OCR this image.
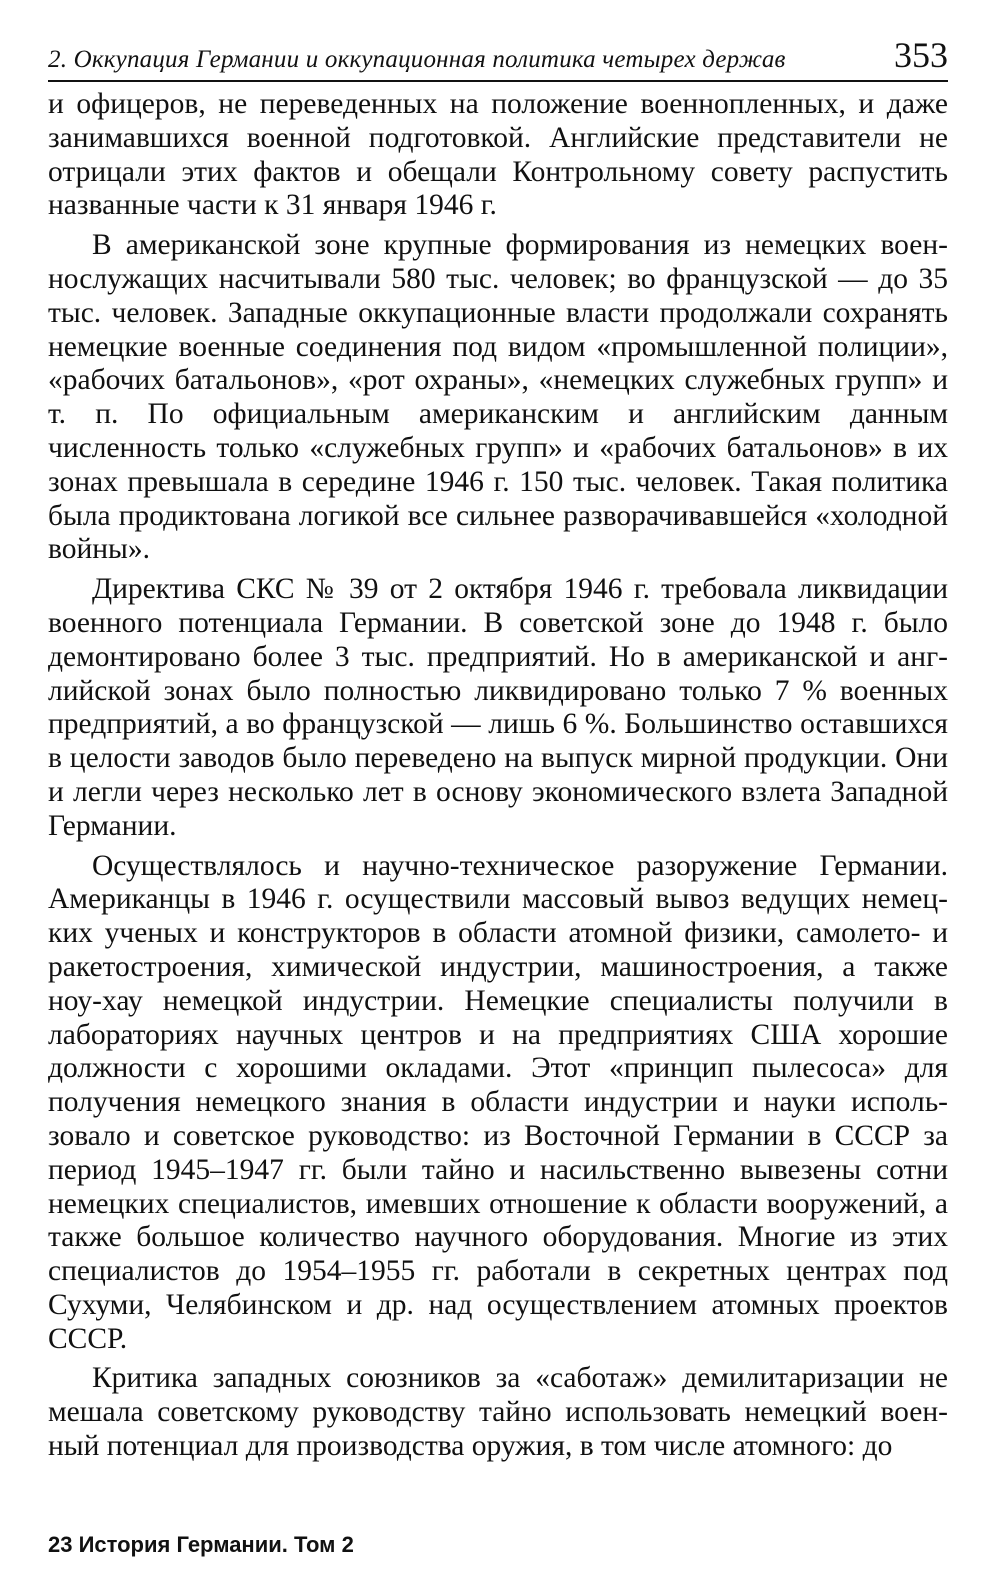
2. Оккупация Германии и оккупационная политика четырех держав	353

и офицеров, не переведенных на положение военнопленных, и даже занимавшихся военной подготовкой. Английские представители не отрицали этих фактов и обещали Контрольному совету распустить названные части к 31 января 1946 г.

В американской зоне крупные формирования из немецких военнослужащих насчитывали 580 тыс. человек; во французской — до 35 тыс. человек. Западные оккупационные власти продолжали сохранять немецкие военные соединения под видом «промышленной полиции», «рабочих батальонов», «рот охраны», «немецких служебных групп» и т. п. По официальным американским и английским данным численность только «служебных групп» и «рабочих батальонов» в их зонах превышала в середине 1946 г. 150 тыс. человек. Такая политика была продиктована логикой все сильнее разворачивавшейся «холодной войны».

Директива СКС № 39 от 2 октября 1946 г. требовала ликвидации военного потенциала Германии. В советской зоне до 1948 г. было демонтировано более 3 тыс. предприятий. Но в американской и английской зонах было полностью ликвидировано только 7 % военных предприятий, а во французской — лишь 6 %. Большинство оставшихся в целости заводов было переведено на выпуск мирной продукции. Они и легли через несколько лет в основу экономического взлета Западной Германии.

Осуществлялось и научно-техническое разоружение Германии. Американцы в 1946 г. осуществили массовый вывоз ведущих немецких ученых и конструкторов в области атомной физики, самолето- и ракетостроения, химической индустрии, машиностроения, а также ноу-хау немецкой индустрии. Немецкие специалисты получили в лабораториях научных центров и на предприятиях США хорошие должности с хорошими окладами. Этот «принцип пылесоса» для получения немецкого знания в области индустрии и науки использовало и советское руководство: из Восточной Германии в СССР за период 1945–1947 гг. были тайно и насильственно вывезены сотни немецких специалистов, имевших отношение к области вооружений, а также большое количество научного оборудования. Многие из этих специалистов до 1954–1955 гг. работали в секретных центрах под Сухуми, Челябинском и др. над осуществлением атомных проектов СССР.

Критика западных союзников за «саботаж» демилитаризации не мешала советскому руководству тайно использовать немецкий военный потенциал для производства оружия, в том числе атомного: до

23 История Германии. Том 2
